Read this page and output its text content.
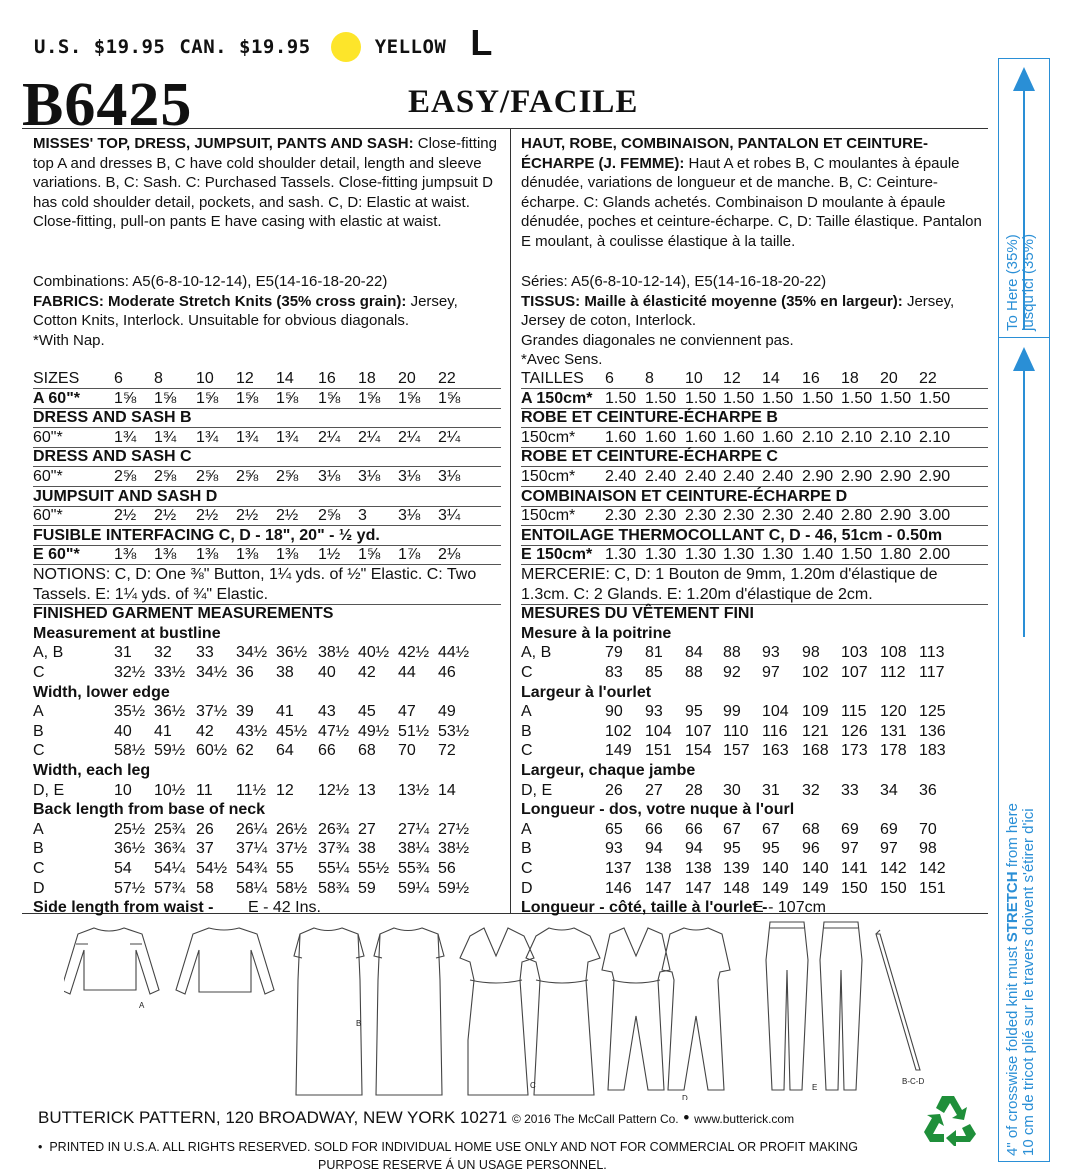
U.S. $19.95 CAN. $19.95	YELLOW L
B6425	EASY/FACILE
MISSES' TOP, DRESS, JUMPSUIT, PANTS AND SASH: Close-fitting top A and dresses B, C have cold shoulder detail, length and sleeve variations. B, C: Sash. C: Purchased Tassels. Close-fitting jumpsuit D has cold shoulder detail, pockets, and sash. C, D: Elastic at waist. Close-fitting, pull-on pants E have casing with elastic at waist.
HAUT, ROBE, COMBINAISON, PANTALON ET CEINTURE-ÉCHARPE (J. FEMME): Haut A et robes B, C moulantes à épaule dénudée, variations de longueur et de manche. B, C: Ceinture-écharpe. C: Glands achetés. Combinaison D moulante à épaule dénudée, poches et ceinture-écharpe. C, D: Taille élastique. Pantalon E moulant, à coulisse élastique à la taille.
Combinations: A5(6-8-10-12-14), E5(14-16-18-20-22)
FABRICS: Moderate Stretch Knits (35% cross grain): Jersey, Cotton Knits, Interlock. Unsuitable for obvious diagonals.
*With Nap.
Séries: A5(6-8-10-12-14), E5(14-16-18-20-22)
TISSUS: Maille à élasticité moyenne (35% en largeur): Jersey, Jersey de coton, Interlock.
Grandes diagonales ne conviennent pas.
*Avec Sens.
SIZES 6 8 10 12 14 16 18 20 22
A 60"* 1⅝ 1⅝ 1⅝ 1⅝ 1⅝ 1⅝ 1⅝ 1⅝ 1⅝
DRESS AND SASH B
60"*	1¾ 1¾ 1¾ 1¾ 1¾ 2¼ 2¼ 2¼ 2¼
DRESS AND SASH C
60"*	2⅝ 2⅝ 2⅝ 2⅝ 2⅝ 3⅛ 3⅛ 3⅛ 3⅛
JUMPSUIT AND SASH D
60"*	2½ 2½ 2½ 2½ 2½ 2⅝ 3 3⅛ 3¼
FUSIBLE INTERFACING C, D - 18", 20" - ½ yd.
E 60"* 1⅜ 1⅜ 1⅜ 1⅜ 1⅜ 1½ 1⅝ 1⅞ 2⅛
TAILLES 6 8 10 12 14 16 18 20 22
A 150cm* 1.50 1.50 1.50 1.50 1.50 1.50 1.50 1.50 1.50
ROBE ET CEINTURE-ÉCHARPE B
150cm* 1.60 1.60 1.60 1.60 1.60 2.10 2.10 2.10 2.10
ROBE ET CEINTURE-ÉCHARPE C
150cm* 2.40 2.40 2.40 2.40 2.40 2.90 2.90 2.90 2.90
COMBINAISON ET CEINTURE-ÉCHARPE D
150cm* 2.30 2.30 2.30 2.30 2.30 2.40 2.80 2.90 3.00
ENTOILAGE THERMOCOLLANT C, D - 46, 51cm - 0.50m
E 150cm* 1.30 1.30 1.30 1.30 1.30 1.40 1.50 1.80 2.00
NOTIONS: C, D: One ⅜" Button, 1¼ yds. of ½" Elastic. C: Two
Tassels. E: 1¼ yds. of ¾" Elastic.
MERCERIE: C, D: 1 Bouton de 9mm, 1.20m d'élastique de
1.3cm. C: 2 Glands. E: 1.20m d'élastique de 2cm.
FINISHED GARMENT MEASUREMENTS
Measurement at bustline
A, B	31 32 33 34½ 36½ 38½ 40½ 42½ 44½
C	32½ 33½ 34½ 36 38 40 42 44 46
Width, lower edge
A	35½ 36½ 37½ 39 41 43 45 47 49
B	40 41 42 43½ 45½ 47½ 49½ 51½ 53½
C	58½ 59½ 60½ 62 64 66 68 70 72
Width, each leg
D, E	10 10½ 11 11½ 12 12½ 13 13½ 14
Back length from base of neck
A	25½ 25¾ 26 26¼ 26½ 26¾ 27 27¼ 27½
B	36½ 36¾ 37 37¼ 37½ 37¾ 38 38¼ 38½
C	54 54¼ 54½ 54¾ 55 55¼ 55½ 55¾ 56
D	57½ 57¾ 58 58¼ 58½ 58¾ 59 59¼ 59½
Side length from waist - E - 42 Ins.
MESURES DU VÊTEMENT FINI
Mesure à la poitrine
A, B	79 81 84 88 93 98 103 108 113
C	83 85 88 92 97 102 107 112 117
Largeur à l'ourlet
A	90 93 95 99 104 109 115 120 125
B	102 104 107 110 116 121 126 131 136
C	149 151 154 157 163 168 173 178 183
Largeur, chaque jambe
D, E	26 27 28 30 31 32 33 34 36
Longueur - dos, votre nuque à l'ourl
A	65 66 66 67 67 68 69 69 70
B	93 94 94 95 95 96 97 97 98
C	137 138 138 139 140 140 141 142 142
D	146 147 147 148 149 149 150 150 151
Longueur - côté, taille à l'ourlet -
E - 107cm
A
B
C
D
E
B-C-D
BUTTERICK PATTERN, 120 BROADWAY, NEW YORK 10271 © 2016 The McCall Pattern Co. • www.butterick.com
•  PRINTED IN U.S.A. ALL RIGHTS RESERVED. SOLD FOR INDIVIDUAL HOME USE ONLY AND NOT FOR COMMERCIAL OR PROFIT MAKING
PURPOSE RESERVE Á UN USAGE PERSONNEL.
To Here (35%) jusqu'ici (35%)
4" of crosswise folded knit must STRETCH from here 10 cm de tricot plié sur le travers doivent s'étirer d'ici
